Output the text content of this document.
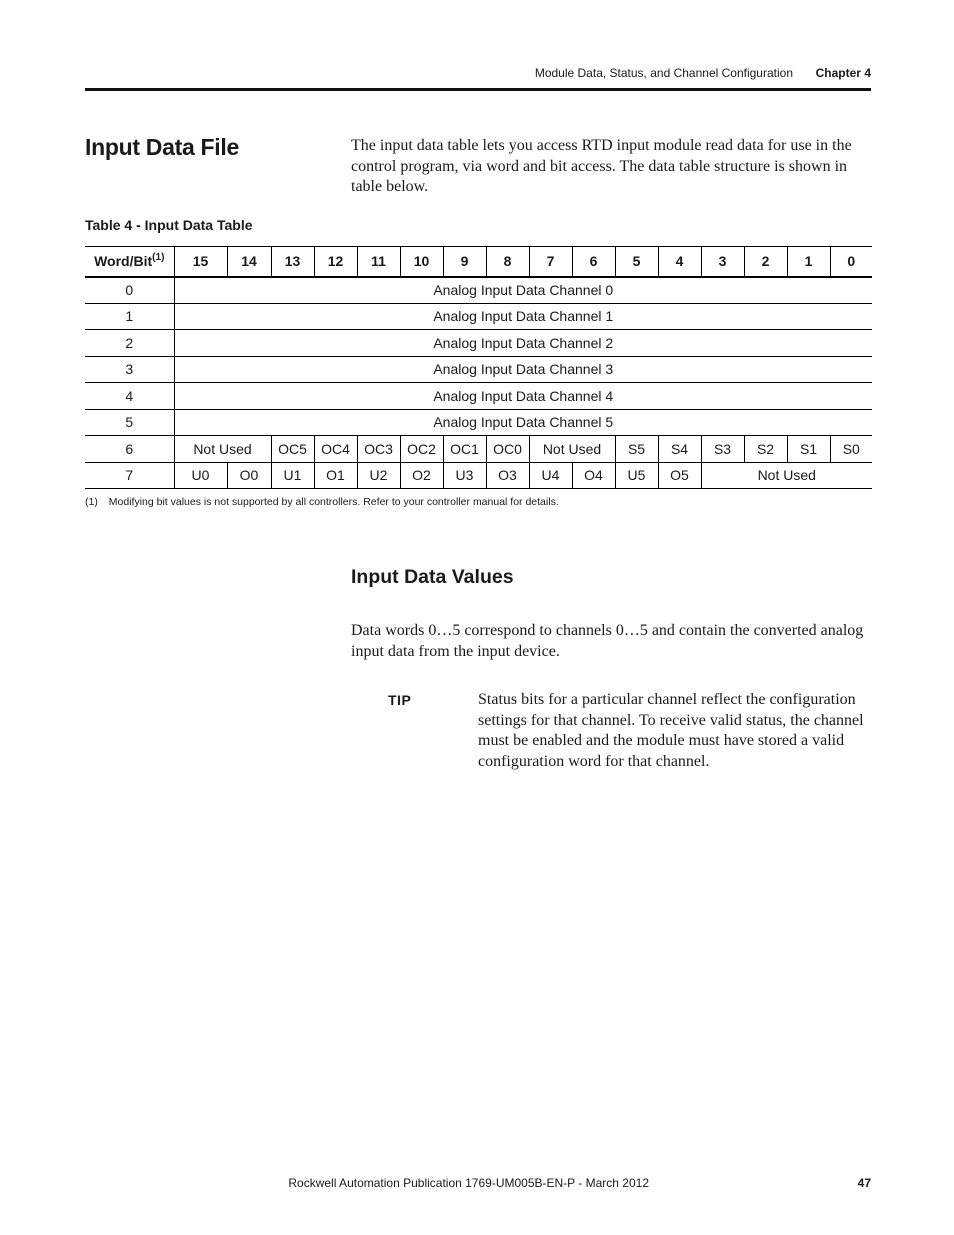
Module Data, Status, and Channel Configuration Chapter 4
Input Data File	The input data table lets you access RTD input module read data for use in the control program, via word and bit access. The data table structure is shown in table below.

Table 4 - Input Data Table
Word/Bit$^{(1)}$	15	14	13	12	11	10	9	8	7	6	5	4	3	2	1	0
0	Analog Input Data Channel 0															
1	Analog Input Data Channel 1															
2	Analog Input Data Channel 2															
3	Analog Input Data Channel 3															
4	Analog Input Data Channel 4															
5	Analog Input Data Channel 5															
6	Not Used		OC5	OC4	OC3	OC2	OC1	OC0	Not Used		S5	S4	S3	S2	S1	S0
7	U0	O0	U1	O1	U2	O2	U3	O3	U4	O4	U5	O5	Not Used			
(1) Modifying bit values is not supported by all controllers. Refer to your controller manual for details.
Input Data Values

Data words 0…5 correspond to channels 0…5 and contain the converted analog input data from the input device.

TIP	Status bits for a particular channel reflect the configuration settings for that channel. To receive valid status, the channel must be enabled and the module must have stored a valid configuration word for that channel.

Rockwell Automation Publication 1769-UM005B-EN-P - March 2012	47
